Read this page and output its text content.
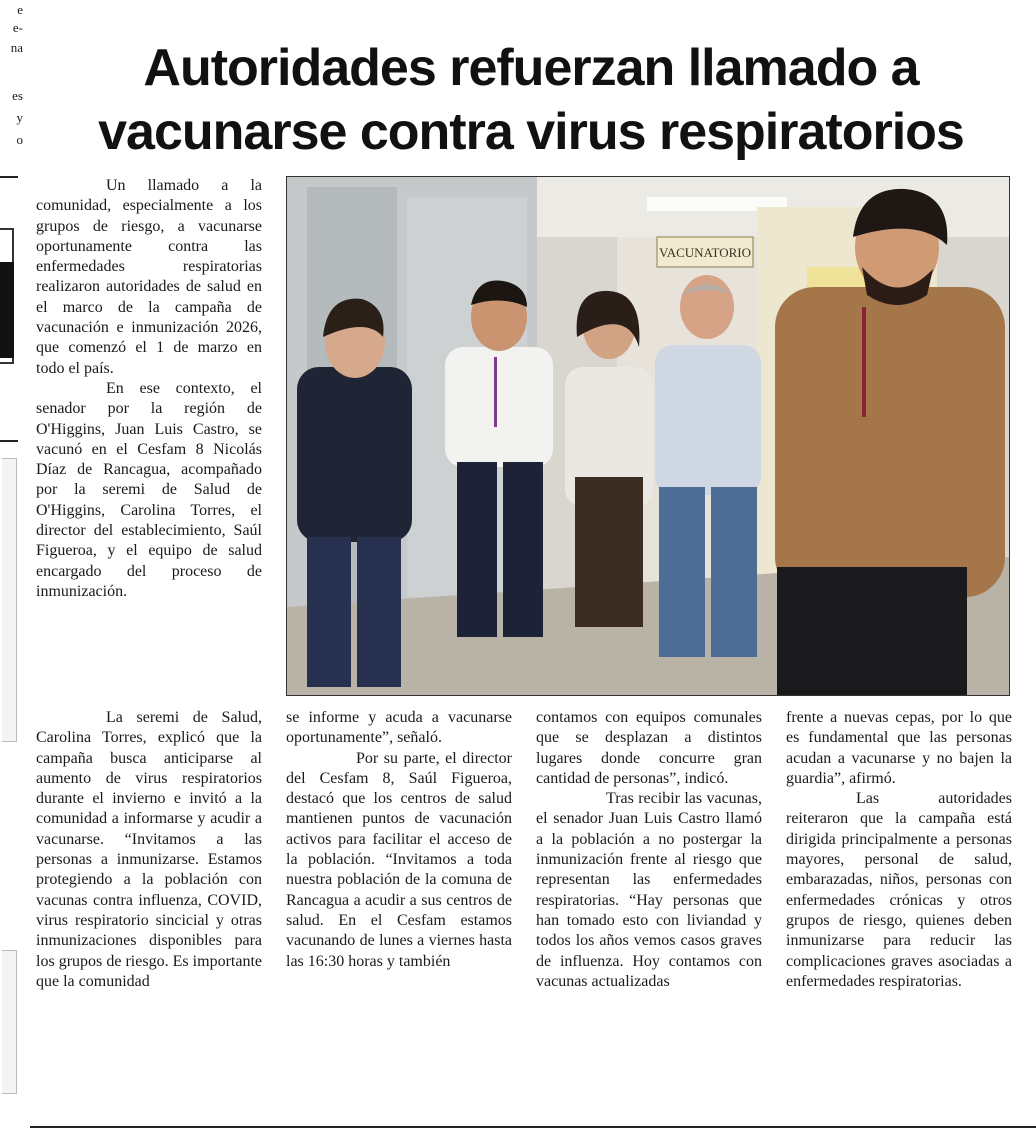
e
e-
na
es
y
o
Autoridades refuerzan llamado a
vacunarse contra virus respiratorios
VACUNATORIO

Un llamado a la comunidad, especialmente a los grupos de riesgo, a vacunarse oportunamente contra las enfermedades respiratorias realizaron autoridades de salud en el marco de la campaña de vacunación e inmunización 2026, que comenzó el 1 de marzo en todo el país.

En ese contexto, el senador por la región de O'Higgins, Juan Luis Castro, se vacunó en el Cesfam 8 Nicolás Díaz de Rancagua, acompañado por la seremi de Salud de O'Higgins, Carolina Torres, el director del establecimiento, Saúl Figueroa, y el equipo de salud encargado del proceso de inmunización.

La seremi de Salud, Carolina Torres, explicó que la campaña busca anticiparse al aumento de virus respiratorios durante el invierno e invitó a la comunidad a informarse y acudir a vacunarse. “Invitamos a las personas a inmunizarse. Estamos protegiendo a la población con vacunas contra influenza, COVID, virus respiratorio sincicial y otras inmunizaciones disponibles para los grupos de riesgo. Es importante que la comunidad

se informe y acuda a vacunarse oportunamente”, señaló.

Por su parte, el director del Cesfam 8, Saúl Figueroa, destacó que los centros de salud mantienen puntos de vacunación activos para facilitar el acceso de la población. “Invitamos a toda nuestra población de la comuna de Rancagua a acudir a sus centros de salud. En el Cesfam estamos vacunando de lunes a viernes hasta las 16:30 horas y también

contamos con equipos comunales que se desplazan a distintos lugares donde concurre gran cantidad de personas”, indicó.

Tras recibir las vacunas, el senador Juan Luis Castro llamó a la población a no postergar la inmunización frente al riesgo que representan las enfermedades respiratorias. “Hay personas que han tomado esto con liviandad y todos los años vemos casos graves de influenza. Hoy contamos con vacunas actualizadas

frente a nuevas cepas, por lo que es fundamental que las personas acudan a vacunarse y no bajen la guardia”, afirmó.

Las autoridades reiteraron que la campaña está dirigida principalmente a personas mayores, personal de salud, embarazadas, niños, personas con enfermedades crónicas y otros grupos de riesgo, quienes deben inmunizarse para reducir las complicaciones graves asociadas a enfermedades respiratorias.
